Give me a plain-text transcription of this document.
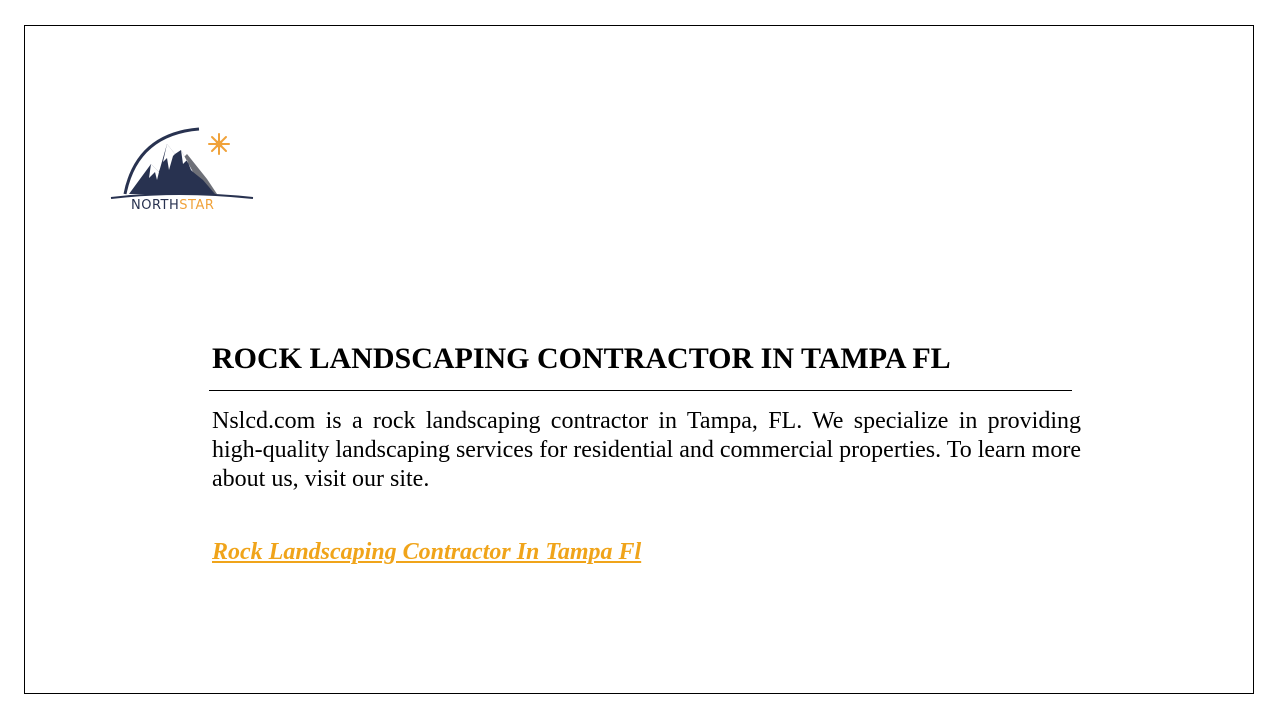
NORTHSTAR
ROCK LANDSCAPING CONTRACTOR IN TAMPA FL

Nslcd.com is a rock landscaping contractor in Tampa, FL. We specialize in providing high-quality landscaping services for residential and commercial properties. To learn more about us, visit our site.

Rock Landscaping Contractor In Tampa Fl
